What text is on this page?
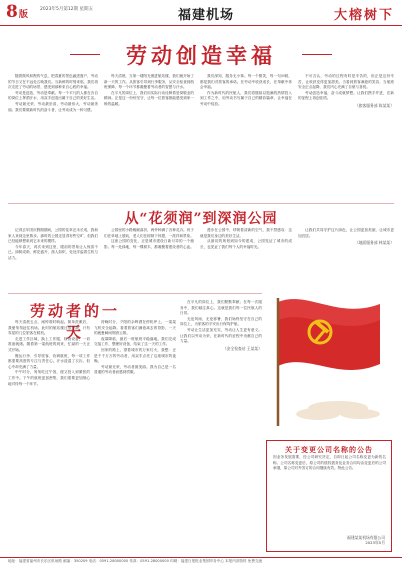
8版
2023年5月第12期 星期五	福建机场	大榕树下
劳动创造幸福

随着微风和煦的气息，把春夏的景色融进窗户，劳动的节日又在不远处召唤我们。当新鲜的时刻来临，我们再次走进了劳动的场景，感受到那种来自心底的幸福。

劳动是创造，劳动是奉献。每一个平凡的人都在各自的岗位上挥洒汗水，用双手创造出属于自己的美好生活。

劳动最光荣，劳动最崇高，劳动最伟大，劳动最美丽。我们要做新时代的奋斗者，让劳动成为一种习惯。

每天清晨，当第一缕阳光照进航站楼，我们就开始了新一天的工作。从旅客引导到行李服务，从安全检查到航班保障，每一个环节都凝聚着劳动者的智慧与汗水。

在平凡的岗位上，我们用实际行动诠释着爱岗敬业的精神。正是这一份份坚守，让每一位旅客都能感受到家一般的温暖。

我们深知，服务无小事。每一个微笑，每一句问候，都是我们对旅客的承诺。在劳动中收获成长，在奉献中体会幸福。

作为新时代的民航人，我们将继续以饱满的热情投入到工作之中，用劳动书写属于自己的精彩篇章，让幸福在劳动中绽放。

不可否认，劳动的过程有时是辛苦的，但正是这份辛苦，让收获变得更加甜美。当看到旅客满意的笑容，当航班安全正点起降，我们内心充满了自豪与喜悦。

劳动创造幸福，奋斗成就梦想。让我们携手并进，在新的征程上再创佳绩。

（旅客服务部 陈某某）
从“花须润”到深润公园

记得去年国庆假期期间，公园的花草还未长成，我和家人来到这里散步。那时的公园还显得有些空旷，但我们已经能够想象到它未来的模样。

今年春天，再次来到这里，眼前的景象让人惊喜不已。绿树成荫，鲜花盛开，游人如织，处处洋溢着生机与活力。

公园里的小路蜿蜒曲折，两旁种满了各种花卉。孩子们在草地上嬉戏，老人们在树荫下休憩，一派祥和景象。

这座公园的变化，正是城市建设日新月异的一个缩影。每一处绿地，每一棵树木，都凝聚着建设者的心血。

漫步在公园中，呼吸着清新的空气，我不禁感叹：这就是我们身边的美好生活。

从最初的规划到如今的建成，公园见证了城市的成长，也见证了我们每个人的幸福时光。

让我们共同守护这片绿色，让公园更加美丽，让城市更加宜居。

（地面服务部 林某某）
劳动者的一天

每天清晨五点，闹钟准时响起。简单洗漱后，我便匆匆赶往机场。此时的航站楼还很安静，只有零星的几位旅客在候机。

走进工作区域，换上工作服，检查设备，一切准备就绪。随着第一架航班的到来，忙碌的一天正式开始。

搬运行李、引导旅客、协调航班，每一项工作都需要高度的专注与责任心。汗水浸湿了衣衫，但心中却充满了力量。

中午时分，匆匆吃过午饭，便又投入到紧张的工作中。下午的航班更加密集，我们需要更加细心地对待每一个环节。

傍晚时分，夕阳的余晖洒在停机坪上，一架架飞机安全起降。看着旅客们满意离去的背影，一天的疲惫瞬间烟消云散。

夜幕降临，最后一班航班平稳落地。我们完成交接工作，整理好设备，结束了这一天的工作。

回家的路上，望着城市的万家灯火，我想：正是千千万万的劳动者，用双手点亮了这座城市的夜晚。

劳动最光荣，劳动者最美丽。我为自己是一名普通的劳动者而感到骄傲。

在平凡的岗位上，我们默默奉献；在每一次服务中，我们倾注真心。这就是我们每一位民航人的日常。

无论风雨，无论寒暑，我们始终坚守在自己的岗位上，为旅客的平安出行保驾护航。

劳动让生活更加充实，劳动让人生更有意义。让我们以劳动为荣，在新时代的征程中贡献自己的力量。

（安全检查站 王某某）
关于变更公司名称的公告
因业务发展需要，经公司研究决定，自即日起公司名称变更为新的名称。公司名称变更后，原公司的债权债务及业务合同均由变更后的公司承继，原公司对外签订的合同继续有效。特此公告。
福建某某机场有限公司
2023年5月
地址：福建省福州市长乐区机场路 邮编：350209 电话：0591-28000000 传真：0591-28000000 印刷：福建日报报业集团印务中心 本报内部资料 免费交流
